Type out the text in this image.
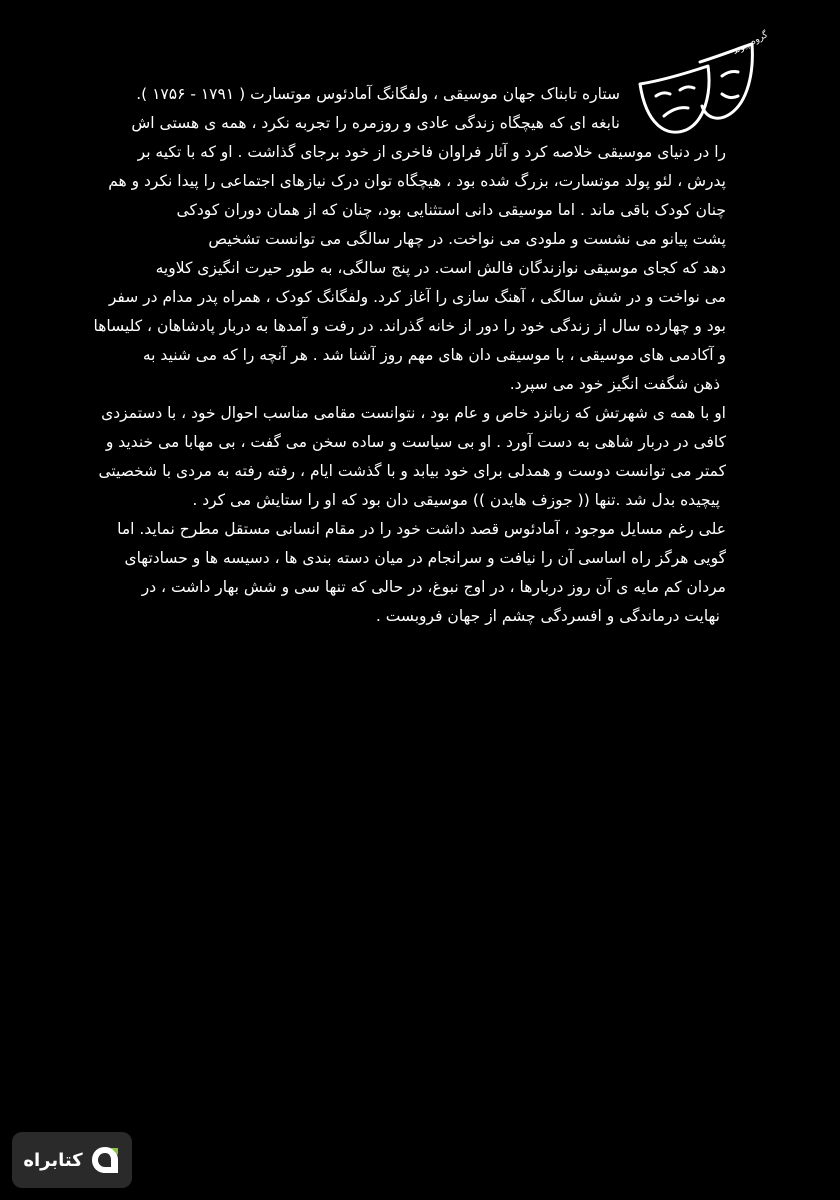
گروه پیوند
ستاره تابناک جهان موسیقی ، ولفگانگ آمادئوس موتسارت ( ۱۷۹۱ - ۱۷۵۶ ).
نابغه ای که هیچگاه زندگی عادی و روزمره را تجربه نکرد ، همه ی هستی اش
را در دنیای موسیقی خلاصه کرد و آثار فراوان فاخری از خود برجای گذاشت . او که با تکیه بر
پدرش ، لئو پولد موتسارت، بزرگ شده بود ، هیچگاه توان درک نیازهای اجتماعی را پیدا نکرد و هم
چنان کودک باقی ماند . اما موسیقی دانی استثنایی بود، چنان که از همان دوران کودکی
پشت پیانو می نشست و ملودی می نواخت. در چهار سالگی می توانست تشخیص
دهد که کجای موسیقی نوازندگان فالش است. در پنج سالگی، به طور حیرت انگیزی کلاویه
می نواخت و در شش سالگی ، آهنگ سازی را آغاز کرد. ولفگانگ کودک ، همراه پدر مدام در سفر
بود و چهارده سال از زندگی خود را دور از خانه گذراند. در رفت و آمدها به دربار پادشاهان ، کلیساها
و آکادمی های موسیقی ، با موسیقی دان های مهم روز آشنا شد . هر آنچه را که می شنید به
ذهن شگفت انگیز خود می سپرد.
او با همه ی شهرتش که زبانزد خاص و عام بود ، نتوانست مقامی مناسب احوال خود ، با دستمزدی
کافی در دربار شاهی به دست آورد . او بی سیاست و ساده سخن می گفت ، بی مهابا می خندید و
کمتر می توانست دوست و همدلی برای خود بیابد و با گذشت ایام ، رفته رفته به مردی با شخصیتی
پیچیده بدل شد .تنها (( جوزف هایدن )) موسیقی دان بود که او را ستایش می کرد .
علی رغم مسایل موجود ، آمادئوس قصد داشت خود را در مقام انسانی مستقل مطرح نماید. اما
گویی هرگز راه اساسی آن را نیافت و سرانجام در میان دسته بندی ها ، دسیسه ها و حسادتهای
مردان کم مایه ی آن روز دربارها ، در اوج نبوغ، در حالی که تنها سی و شش بهار داشت ، در
نهایت درماندگی و افسردگی چشم از جهان فروبست .
کتابراه
